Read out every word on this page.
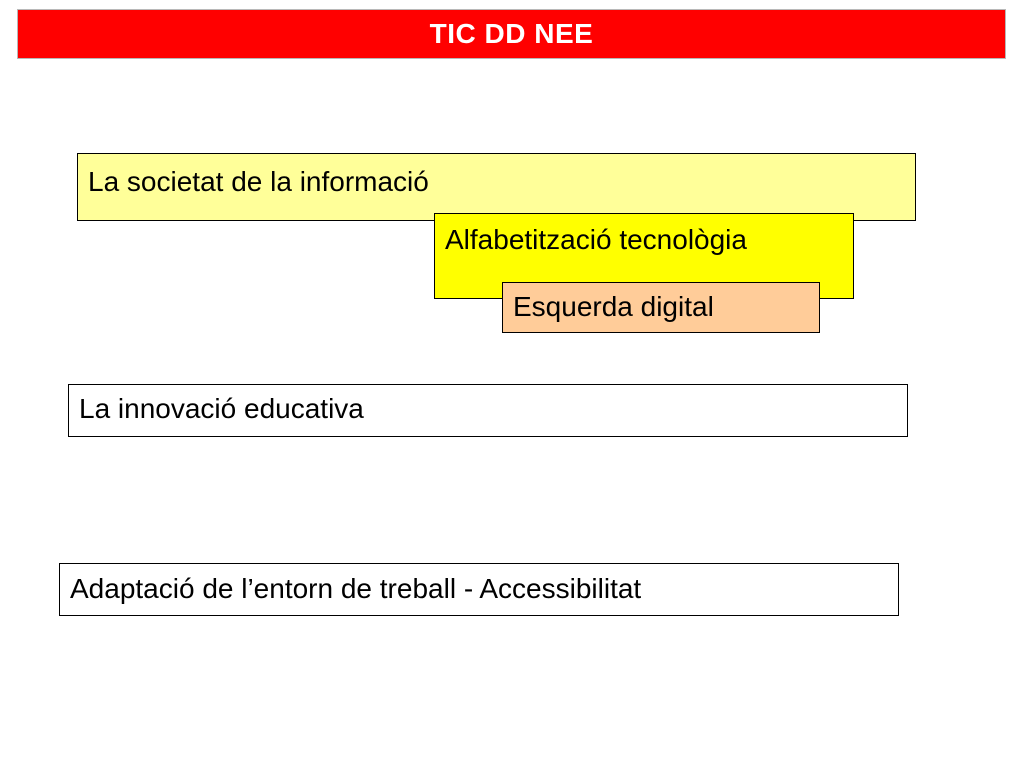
TIC DD NEE
La societat de la informació
Alfabetització tecnològia
Esquerda digital
La innovació educativa
Adaptació de l’entorn de treball - Accessibilitat
